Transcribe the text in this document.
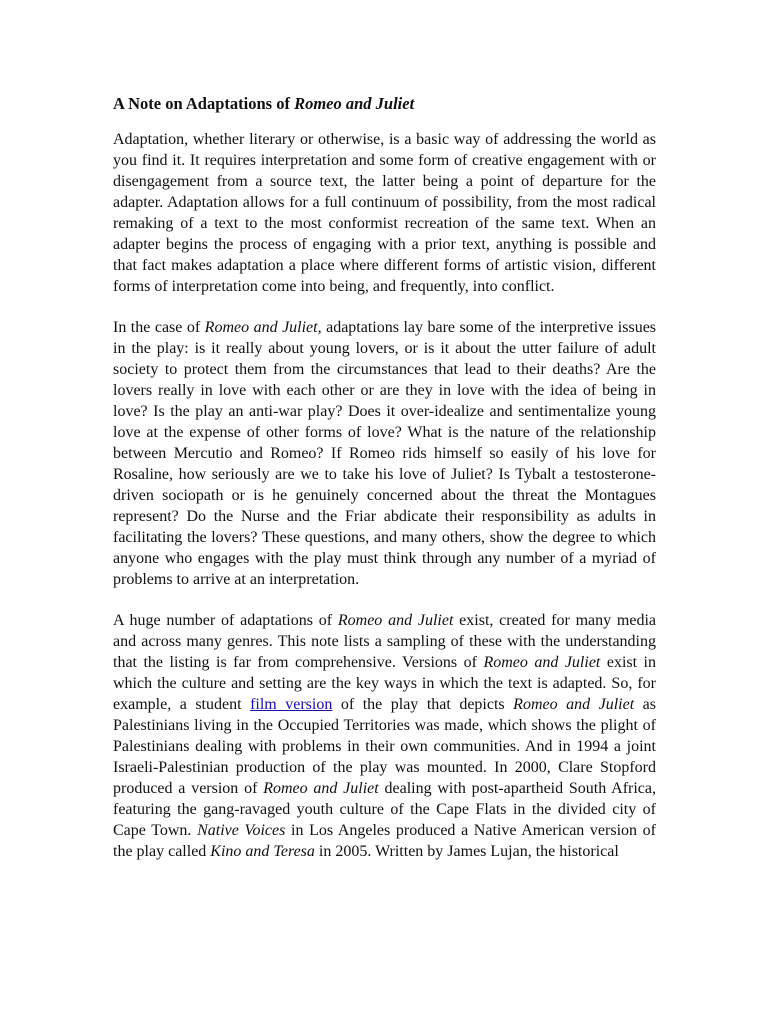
A Note on Adaptations of Romeo and Juliet

Adaptation, whether literary or otherwise, is a basic way of addressing the world as you find it. It requires interpretation and some form of creative engagement with or disengagement from a source text, the latter being a point of departure for the adapter. Adaptation allows for a full continuum of possibility, from the most radical remaking of a text to the most conformist recreation of the same text. When an adapter begins the process of engaging with a prior text, anything is possible and that fact makes adaptation a place where different forms of artistic vision, different forms of interpretation come into being, and frequently, into conflict.

In the case of Romeo and Juliet, adaptations lay bare some of the interpretive issues in the play: is it really about young lovers, or is it about the utter failure of adult society to protect them from the circumstances that lead to their deaths? Are the lovers really in love with each other or are they in love with the idea of being in love? Is the play an anti-war play? Does it over-idealize and sentimentalize young love at the expense of other forms of love? What is the nature of the relationship between Mercutio and Romeo? If Romeo rids himself so easily of his love for Rosaline, how seriously are we to take his love of Juliet? Is Tybalt a testosterone-driven sociopath or is he genuinely concerned about the threat the Montagues represent? Do the Nurse and the Friar abdicate their responsibility as adults in facilitating the lovers? These questions, and many others, show the degree to which anyone who engages with the play must think through any number of a myriad of problems to arrive at an interpretation.

A huge number of adaptations of Romeo and Juliet exist, created for many media and across many genres. This note lists a sampling of these with the understanding that the listing is far from comprehensive. Versions of Romeo and Juliet exist in which the culture and setting are the key ways in which the text is adapted. So, for example, a student film version of the play that depicts Romeo and Juliet as Palestinians living in the Occupied Territories was made, which shows the plight of Palestinians dealing with problems in their own communities. And in 1994 a joint Israeli-Palestinian production of the play was mounted. In 2000, Clare Stopford produced a version of Romeo and Juliet dealing with post-apartheid South Africa, featuring the gang-ravaged youth culture of the Cape Flats in the divided city of Cape Town. Native Voices in Los Angeles produced a Native American version of the play called Kino and Teresa in 2005. Written by James Lujan, the historical
